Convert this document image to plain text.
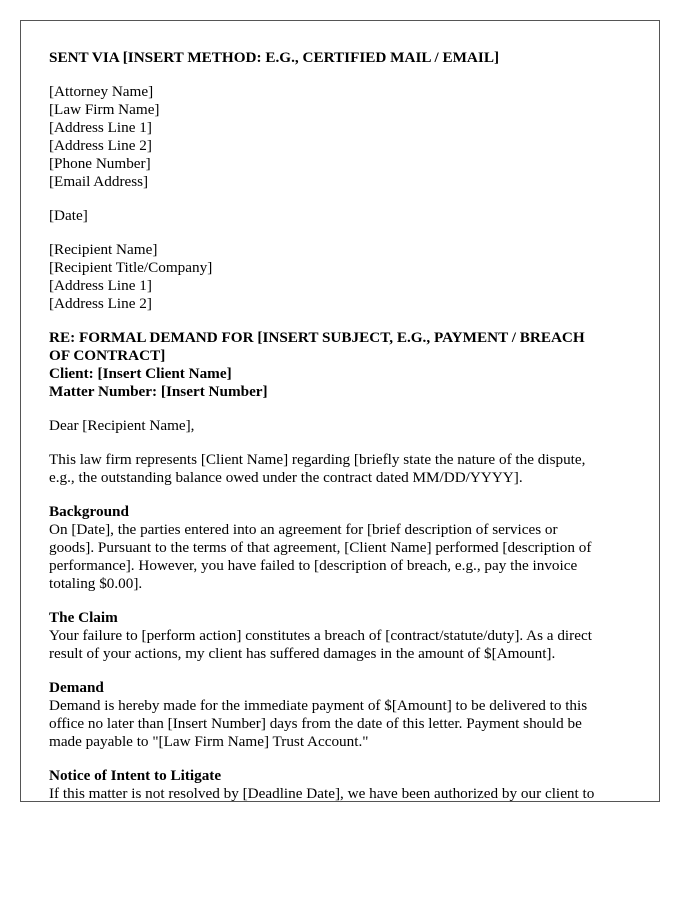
SENT VIA [INSERT METHOD: E.G., CERTIFIED MAIL / EMAIL]

[Attorney Name]
[Law Firm Name]
[Address Line 1]
[Address Line 2]
[Phone Number]
[Email Address]

[Date]

[Recipient Name]
[Recipient Title/Company]
[Address Line 1]
[Address Line 2]
RE: FORMAL DEMAND FOR [INSERT SUBJECT, E.G., PAYMENT / BREACH
OF CONTRACT]
Client: [Insert Client Name]
Matter Number: [Insert Number]

Dear [Recipient Name],

This law firm represents [Client Name] regarding [briefly state the nature of the dispute,
e.g., the outstanding balance owed under the contract dated MM/DD/YYYY].
Background
On [Date], the parties entered into an agreement for [brief description of services or
goods]. Pursuant to the terms of that agreement, [Client Name] performed [description of
performance]. However, you have failed to [description of breach, e.g., pay the invoice
totaling $0.00].
The Claim
Your failure to [perform action] constitutes a breach of [contract/statute/duty]. As a direct
result of your actions, my client has suffered damages in the amount of $[Amount].
Demand
Demand is hereby made for the immediate payment of $[Amount] to be delivered to this
office no later than [Insert Number] days from the date of this letter. Payment should be
made payable to "[Law Firm Name] Trust Account."
Notice of Intent to Litigate
If this matter is not resolved by [Deadline Date], we have been authorized by our client to
